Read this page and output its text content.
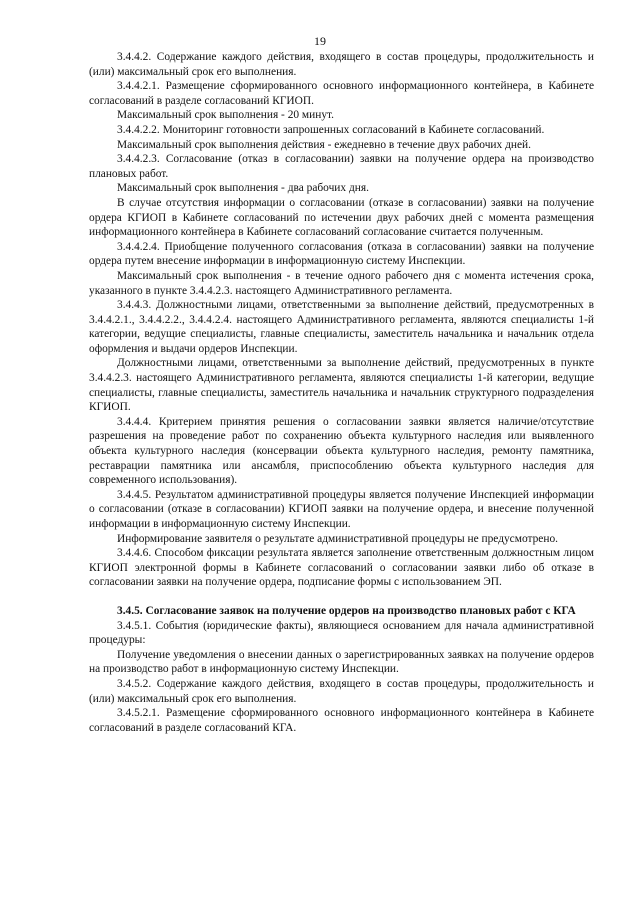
19

3.4.4.2. Содержание каждого действия, входящего в состав процедуры, продолжительность и (или) максимальный срок его выполнения.

3.4.4.2.1. Размещение сформированного основного информационного контейнера, в Кабинете согласований в разделе согласований КГИОП.

Максимальный срок выполнения - 20 минут.

3.4.4.2.2. Мониторинг готовности запрошенных согласований в Кабинете согласований.

Максимальный срок выполнения действия - ежедневно в течение двух рабочих дней.

3.4.4.2.3. Согласование (отказ в согласовании) заявки на получение ордера на производство плановых работ.

Максимальный срок выполнения - два рабочих дня.

В случае отсутствия информации о согласовании (отказе в согласовании) заявки на получение ордера КГИОП в Кабинете согласований по истечении двух рабочих дней с момента размещения информационного контейнера в Кабинете согласований согласование считается полученным.

3.4.4.2.4. Приобщение полученного согласования (отказа в согласовании) заявки на получение ордера путем внесение информации в информационную систему Инспекции.

Максимальный срок выполнения - в течение одного рабочего дня с момента истечения срока, указанного в пункте 3.4.4.2.3. настоящего Административного регламента.

3.4.4.3. Должностными лицами, ответственными за выполнение действий, предусмотренных в 3.4.4.2.1., 3.4.4.2.2., 3.4.4.2.4. настоящего Административного регламента, являются специалисты 1-й категории, ведущие специалисты, главные специалисты, заместитель начальника и начальник отдела оформления и выдачи ордеров Инспекции.

Должностными лицами, ответственными за выполнение действий, предусмотренных в пункте 3.4.4.2.3. настоящего Административного регламента, являются специалисты 1-й категории, ведущие специалисты, главные специалисты, заместитель начальника и начальник структурного подразделения КГИОП.

3.4.4.4. Критерием принятия решения о согласовании заявки является наличие/отсутствие разрешения на проведение работ по сохранению объекта культурного наследия или выявленного объекта культурного наследия (консервации объекта культурного наследия, ремонту памятника, реставрации памятника или ансамбля, приспособлению объекта культурного наследия для современного использования).

3.4.4.5. Результатом административной процедуры является получение Инспекцией информации о согласовании (отказе в согласовании) КГИОП заявки на получение ордера, и внесение полученной информации в информационную систему Инспекции.

Информирование заявителя о результате административной процедуры не предусмотрено.

3.4.4.6. Способом фиксации результата является заполнение ответственным должностным лицом КГИОП электронной формы в Кабинете согласований о согласовании заявки либо об отказе в согласовании заявки на получение ордера, подписание формы с использованием ЭП.

3.4.5. Согласование заявок на получение ордеров на производство плановых работ с КГА

3.4.5.1. События (юридические факты), являющиеся основанием для начала административной процедуры:

Получение уведомления о внесении данных о зарегистрированных заявках на получение ордеров на производство работ в информационную систему Инспекции.

3.4.5.2. Содержание каждого действия, входящего в состав процедуры, продолжительность и (или) максимальный срок его выполнения.

3.4.5.2.1. Размещение сформированного основного информационного контейнера в Кабинете согласований в разделе согласований КГА.
